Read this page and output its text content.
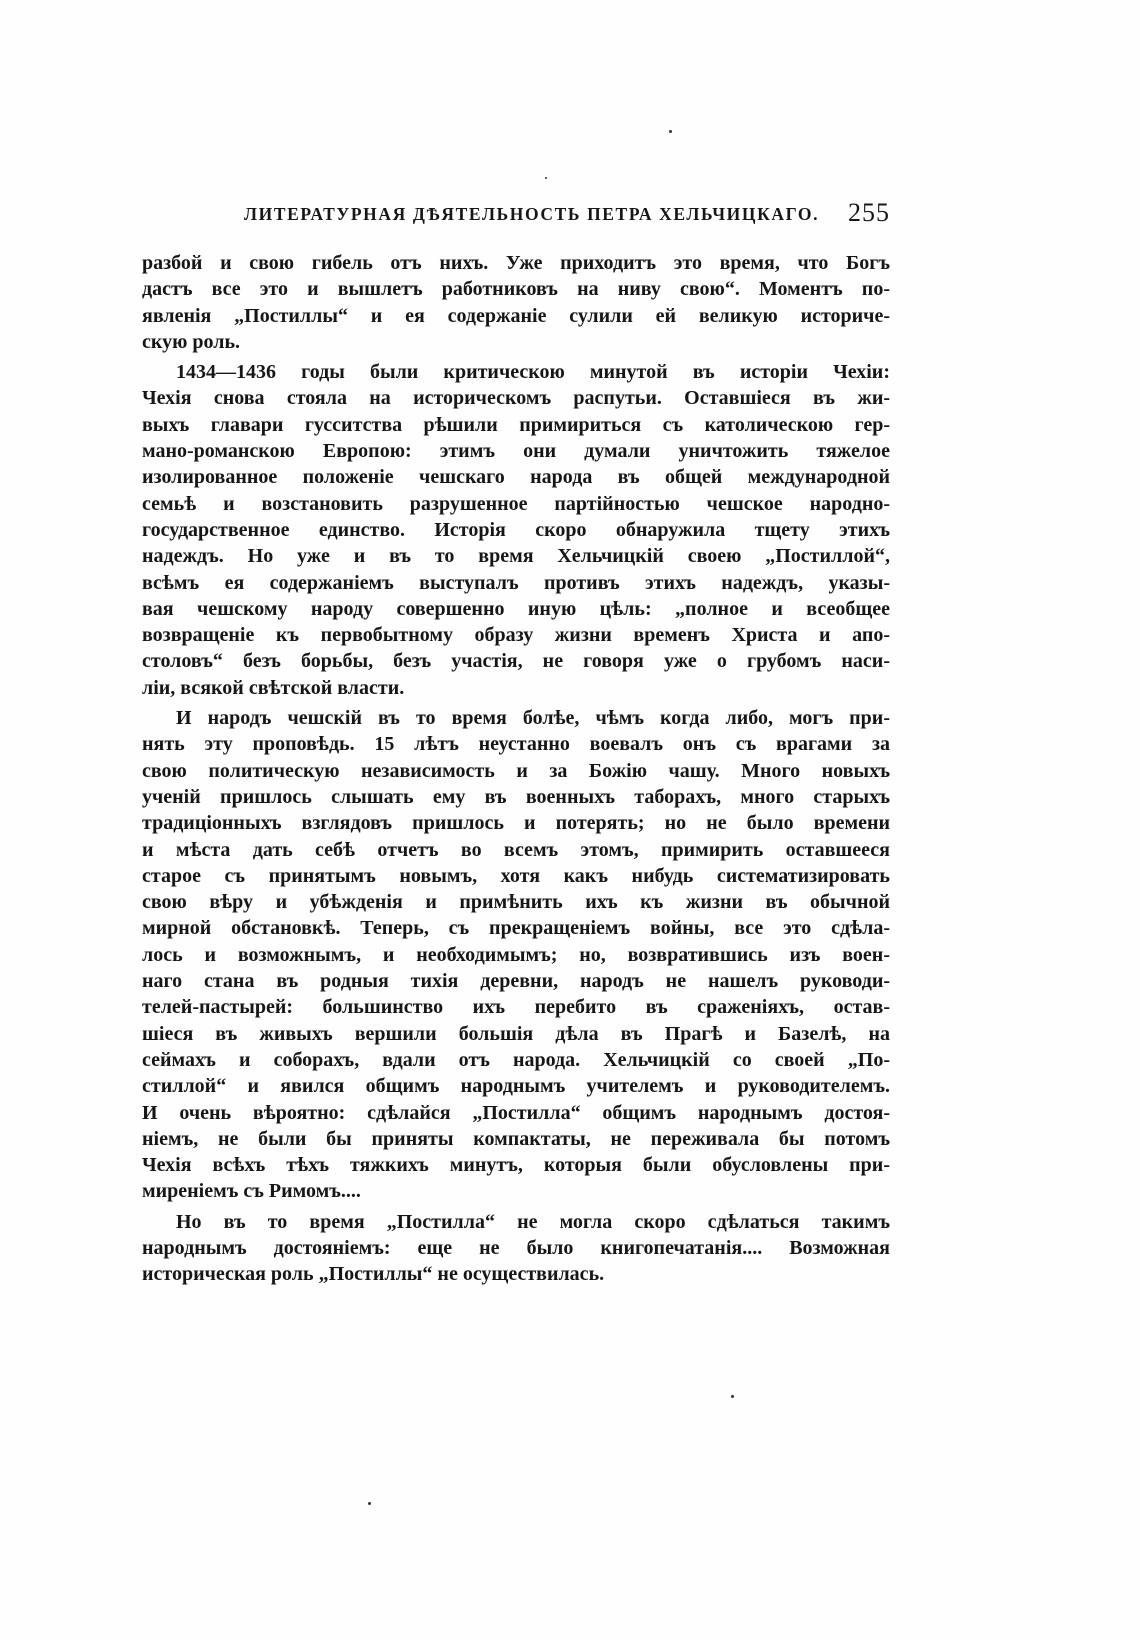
ЛИТЕРАТУРНАЯ ДѢЯТЕЛЬНОСТЬ ПЕТРА ХЕЛЬЧИЦКАГО. 255
разбой и свою гибель отъ нихъ. Уже приходитъ это время, что Богъ
дастъ все это и вышлетъ работниковъ на ниву свою“. Моментъ по-
явленія „Постиллы“ и ея содержаніе сулили ей великую историче-
скую роль.
1434—1436 годы были критическою минутой въ исторіи Чехіи:
Чехія снова стояла на историческомъ распутьи. Оставшіеся въ жи-
выхъ главари гусситства рѣшили примириться съ католическою гер-
мано-романскою Европою: этимъ они думали уничтожить тяжелое
изолированное положеніе чешскаго народа въ общей международной
семьѣ и возстановить разрушенное партійностью чешское народно-
государственное единство. Исторія скоро обнаружила тщету этихъ
надеждъ. Но уже и въ то время Хельчицкій своею „Постиллой“,
всѣмъ ея содержаніемъ выступалъ противъ этихъ надеждъ, указы-
вая чешскому народу совершенно иную цѣль: „полное и всеобщее
возвращеніе къ первобытному образу жизни временъ Христа и апо-
столовъ“ безъ борьбы, безъ участія, не говоря уже о грубомъ наси-
ліи, всякой свѣтской власти.
И народъ чешскій въ то время болѣе, чѣмъ когда либо, могъ при-
нять эту проповѣдь. 15 лѣтъ неустанно воевалъ онъ съ врагами за
свою политическую независимость и за Божію чашу. Много новыхъ
ученій пришлось слышать ему въ военныхъ таборахъ, много старыхъ
традиціонныхъ взглядовъ пришлось и потерять; но не было времени
и мѣста дать себѣ отчетъ во всемъ этомъ, примирить оставшееся
старое съ принятымъ новымъ, хотя какъ нибудь систематизировать
свою вѣру и убѣжденія и примѣнить ихъ къ жизни въ обычной
мирной обстановкѣ. Теперь, съ прекращеніемъ войны, все это сдѣла-
лось и возможнымъ, и необходимымъ; но, возвратившись изъ воен-
наго стана въ родныя тихія деревни, народъ не нашелъ руководи-
телей-пастырей: большинство ихъ перебито въ сраженіяхъ, остав-
шіеся въ живыхъ вершили большія дѣла въ Прагѣ и Базелѣ, на
сеймахъ и соборахъ, вдали отъ народа. Хельчицкій со своей „По-
стиллой“ и явился общимъ народнымъ учителемъ и руководителемъ.
И очень вѣроятно: сдѣлайся „Постилла“ общимъ народнымъ достоя-
ніемъ, не были бы приняты компактаты, не переживала бы потомъ
Чехія всѣхъ тѣхъ тяжкихъ минутъ, которыя были обусловлены при-
миреніемъ съ Римомъ....
Но въ то время „Постилла“ не могла скоро сдѣлаться такимъ
народнымъ достояніемъ: еще не было книгопечатанія.... Возможная
историческая роль „Постиллы“ не осуществилась.
